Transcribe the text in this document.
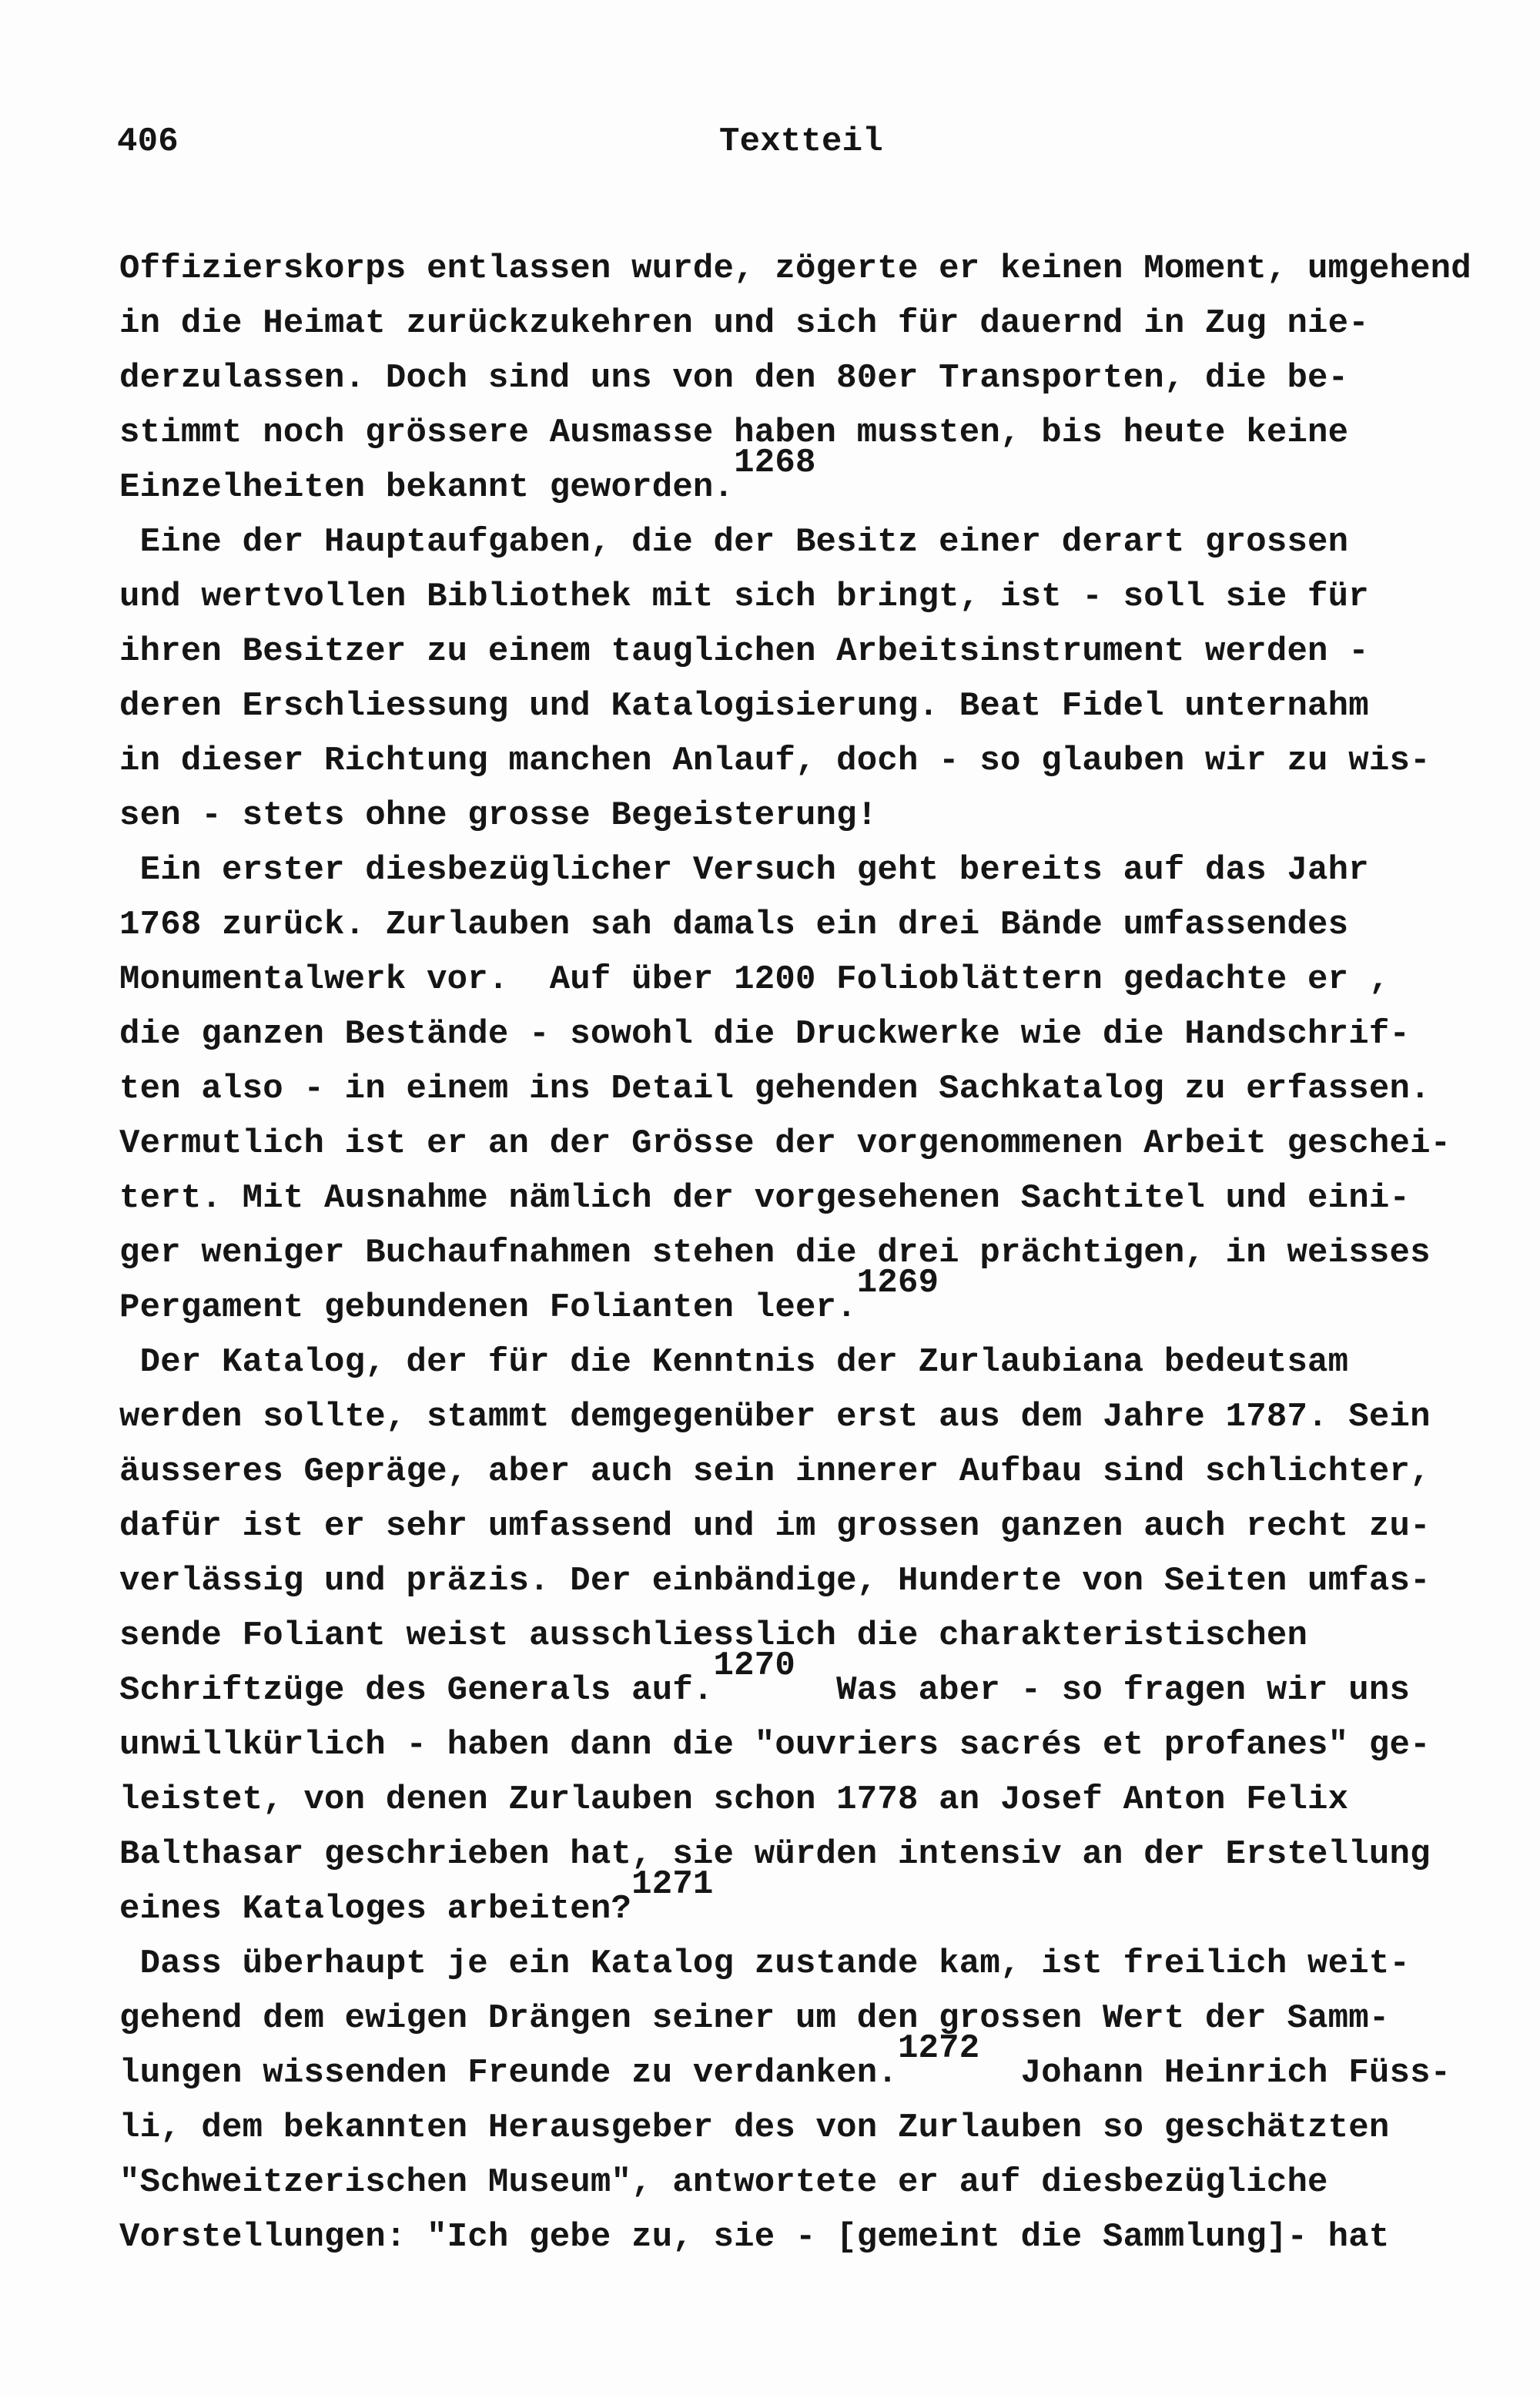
406	Textteil
Offizierskorps entlassen wurde, zögerte er keinen Moment, umgehend
in die Heimat zurückzukehren und sich für dauernd in Zug nie-
derzulassen. Doch sind uns von den 80er Transporten, die be-
stimmt noch grössere Ausmasse haben mussten, bis heute keine
Einzelheiten bekannt geworden.1268
Eine der Hauptaufgaben, die der Besitz einer derart grossen
und wertvollen Bibliothek mit sich bringt, ist - soll sie für
ihren Besitzer zu einem tauglichen Arbeitsinstrument werden -
deren Erschliessung und Katalogisierung. Beat Fidel unternahm
in dieser Richtung manchen Anlauf, doch - so glauben wir zu wis-
sen - stets ohne grosse Begeisterung!
Ein erster diesbezüglicher Versuch geht bereits auf das Jahr
1768 zurück. Zurlauben sah damals ein drei Bände umfassendes
Monumentalwerk vor.  Auf über 1200 Folioblättern gedachte er ,
die ganzen Bestände - sowohl die Druckwerke wie die Handschrif-
ten also - in einem ins Detail gehenden Sachkatalog zu erfassen.
Vermutlich ist er an der Grösse der vorgenommenen Arbeit geschei-
tert. Mit Ausnahme nämlich der vorgesehenen Sachtitel und eini-
ger weniger Buchaufnahmen stehen die drei prächtigen, in weisses
Pergament gebundenen Folianten leer.1269
Der Katalog, der für die Kenntnis der Zurlaubiana bedeutsam
werden sollte, stammt demgegenüber erst aus dem Jahre 1787. Sein
äusseres Gepräge, aber auch sein innerer Aufbau sind schlichter,
dafür ist er sehr umfassend und im grossen ganzen auch recht zu-
verlässig und präzis. Der einbändige, Hunderte von Seiten umfas-
sende Foliant weist ausschliesslich die charakteristischen
Schriftzüge des Generals auf.1270  Was aber - so fragen wir uns
unwillkürlich - haben dann die "ouvriers sacrés et profanes" ge-
leistet, von denen Zurlauben schon 1778 an Josef Anton Felix
Balthasar geschrieben hat, sie würden intensiv an der Erstellung
eines Kataloges arbeiten?1271
Dass überhaupt je ein Katalog zustande kam, ist freilich weit-
gehend dem ewigen Drängen seiner um den grossen Wert der Samm-
lungen wissenden Freunde zu verdanken.1272  Johann Heinrich Füss-
li, dem bekannten Herausgeber des von Zurlauben so geschätzten
"Schweitzerischen Museum", antwortete er auf diesbezügliche
Vorstellungen: "Ich gebe zu, sie - [gemeint die Sammlung]- hat
